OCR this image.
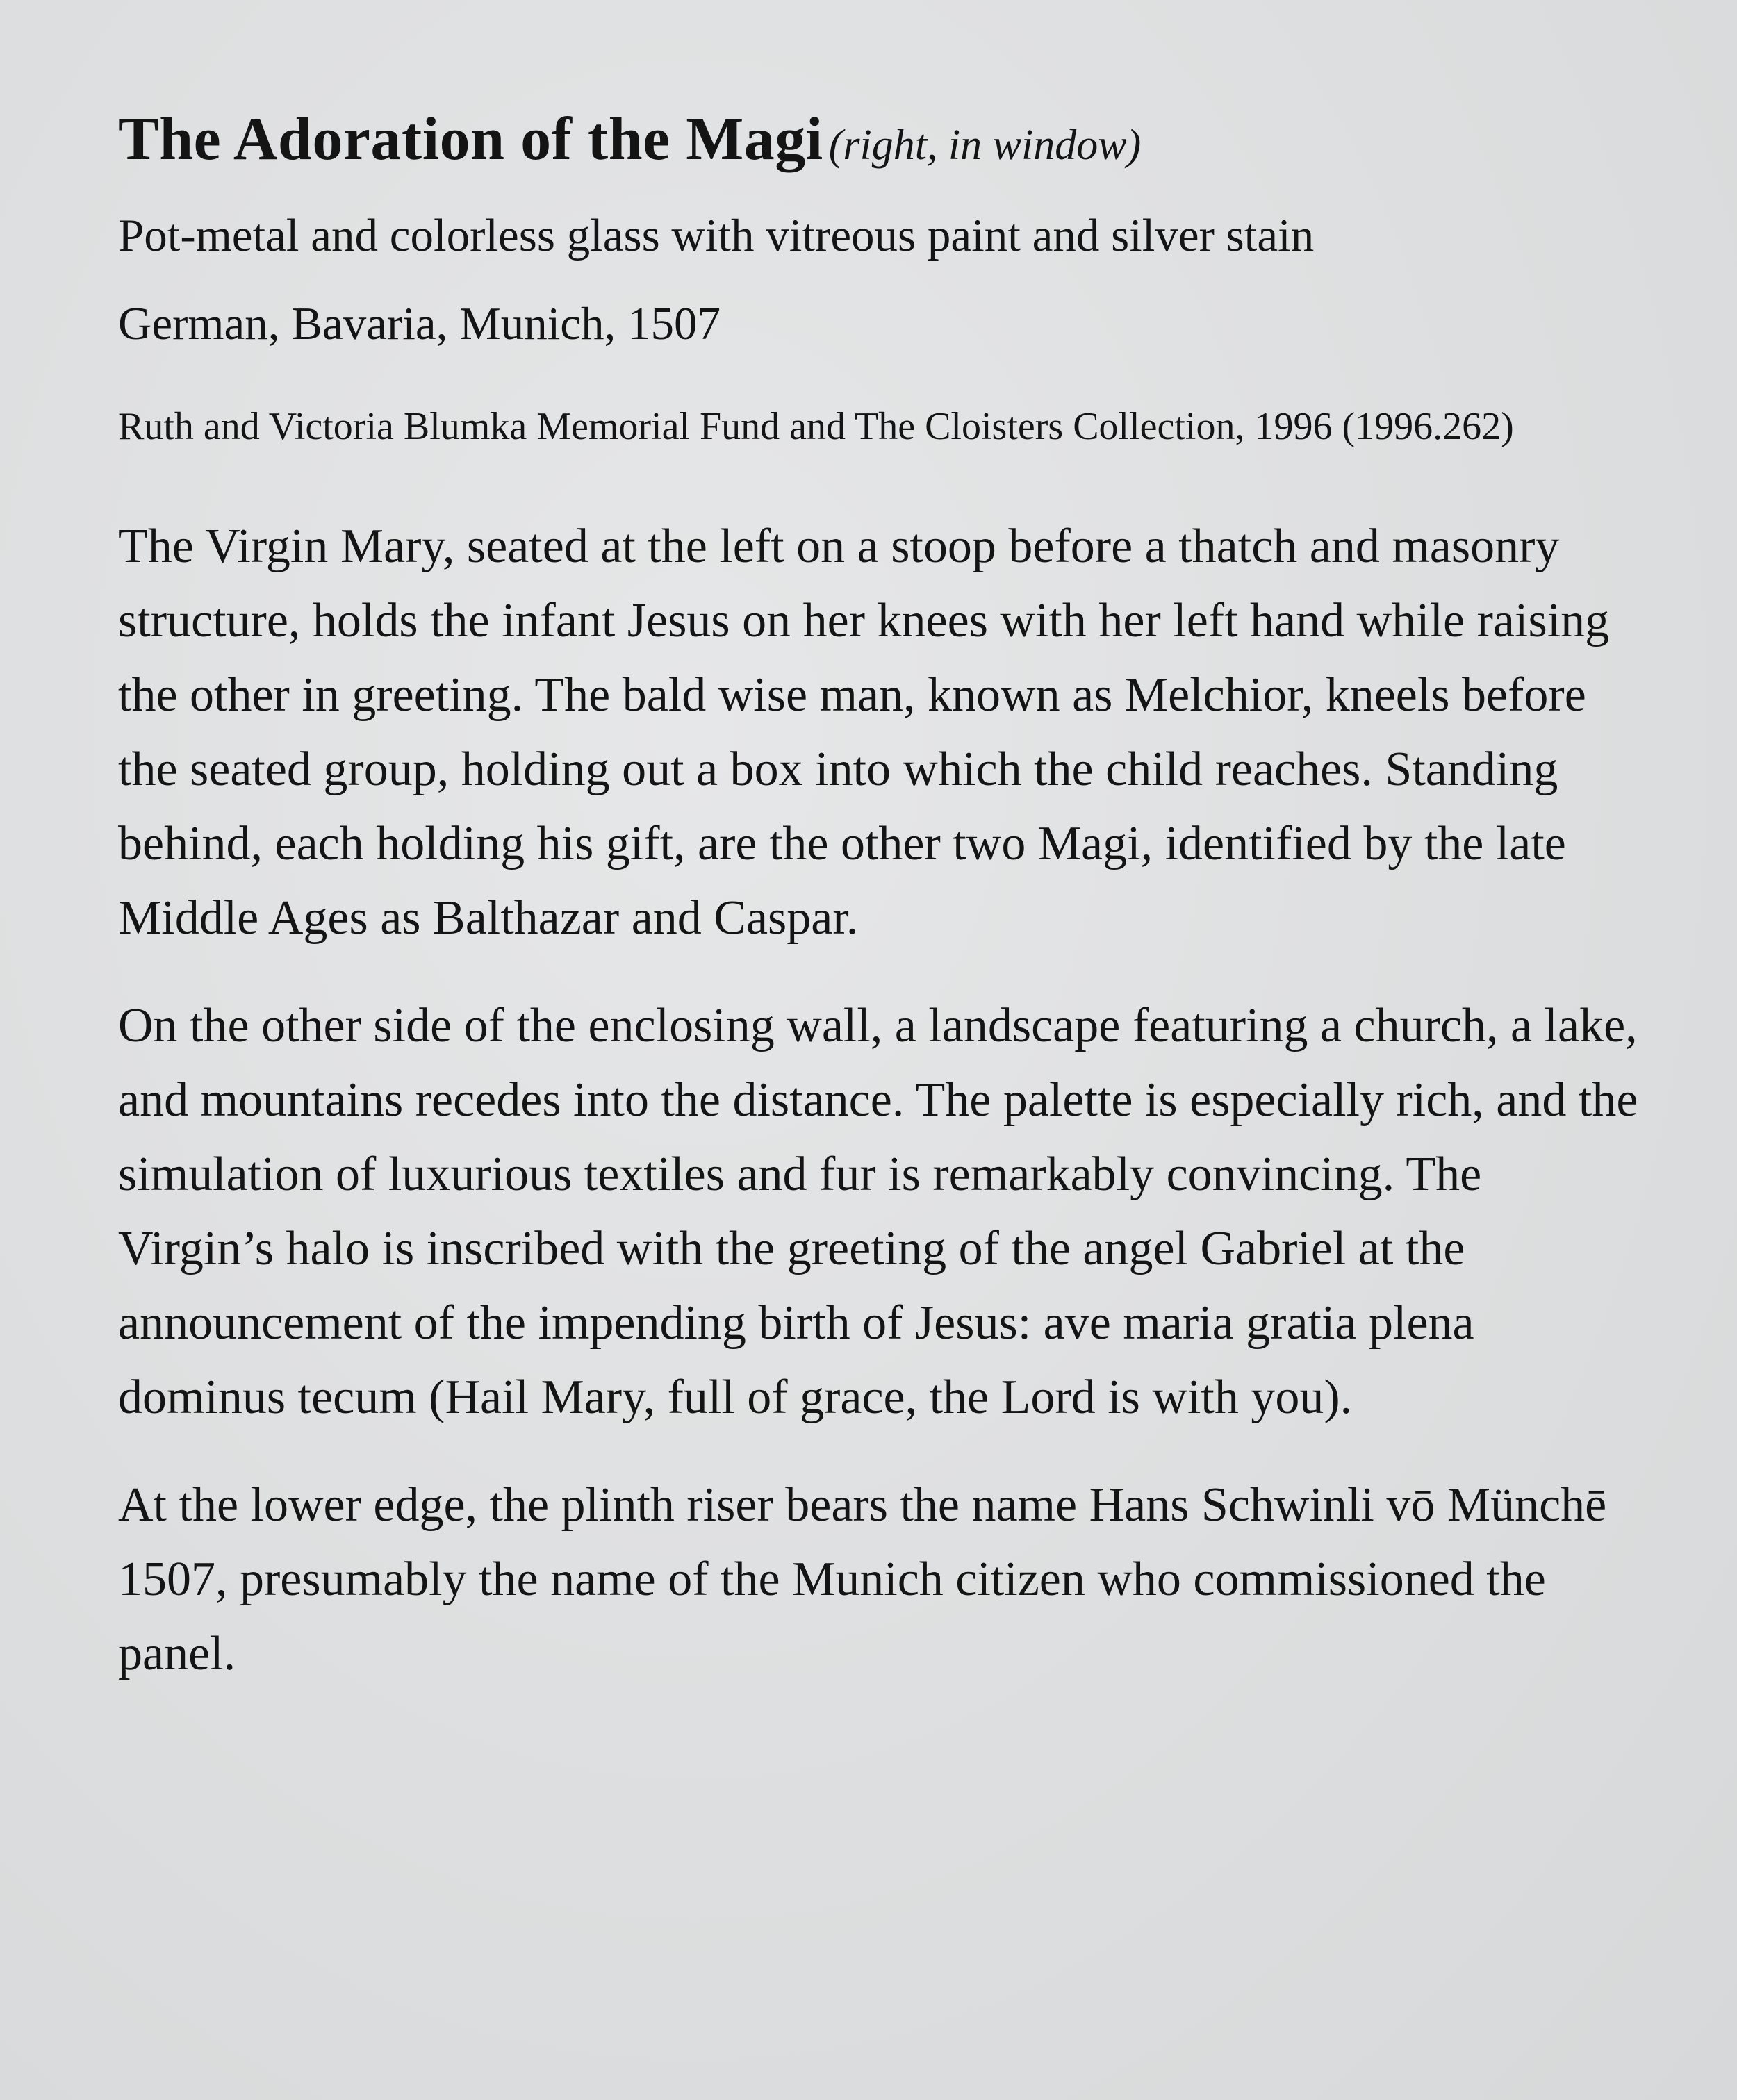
The Adoration of the Magi (right, in window)

Pot-metal and colorless glass with vitreous paint and silver stain

German, Bavaria, Munich, 1507

Ruth and Victoria Blumka Memorial Fund and The Cloisters Collection, 1996 (1996.262)

The Virgin Mary, seated at the left on a stoop before a thatch and masonry structure, holds the infant Jesus on her knees with her left hand while raising the other in greeting. The bald wise man, known as Melchior, kneels before the seated group, holding out a box into which the child reaches. Standing behind, each holding his gift, are the other two Magi, identified by the late Middle Ages as Balthazar and Caspar.

On the other side of the enclosing wall, a landscape featuring a church, a lake, and mountains recedes into the distance. The palette is especially rich, and the simulation of luxurious textiles and fur is remarkably convincing. The Virgin’s halo is inscribed with the greeting of the angel Gabriel at the announcement of the impending birth of Jesus: ave maria gratia plena dominus tecum (Hail Mary, full of grace, the Lord is with you).

At the lower edge, the plinth riser bears the name Hans Schwinli vō Münchē 1507, presumably the name of the Munich citizen who commissioned the panel.
